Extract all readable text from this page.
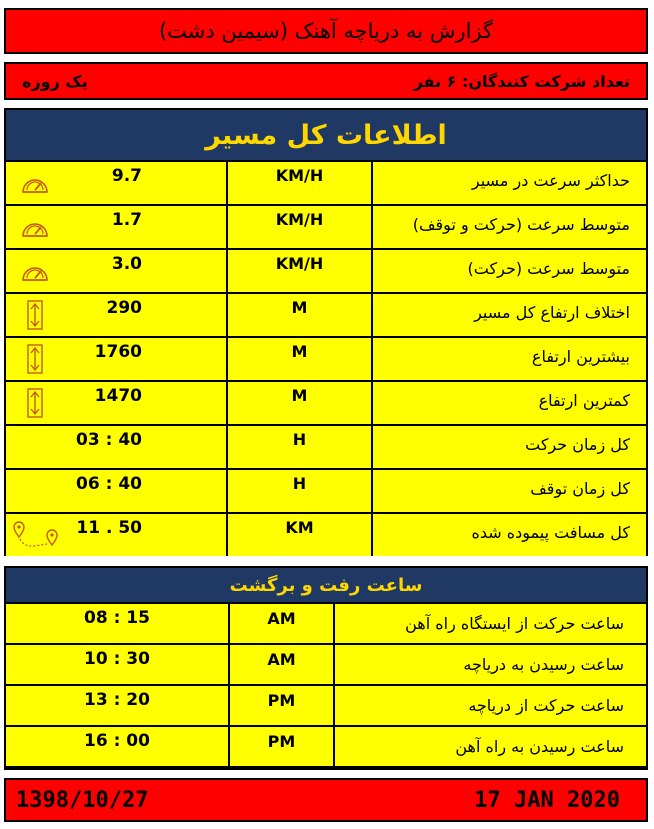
گزارش به دریاچه آهنک (سیمین دشت)
تعداد شرکت کنندگان: ۶ نفر
یک روزه
اطلاعات کل مسیر
9.7	KM/H	حداکثر سرعت در مسیر
1.7	KM/H	متوسط سرعت (حرکت و توقف)
3.0	KM/H	متوسط سرعت (حرکت)
290	M	اختلاف ارتفاع کل مسیر
1760	M	بیشترین ارتفاع
1470	M	کمترین ارتفاع
03 : 40	H	کل زمان حرکت
06 : 40	H	کل زمان توقف
11 . 50	KM	کل مسافت پیموده شده
ساعت رفت و برگشت
08 : 15	AM	ساعت حرکت از ایستگاه راه آهن
10 : 30	AM	ساعت رسیدن به دریاچه
13 : 20	PM	ساعت حرکت از دریاچه
16 : 00	PM	ساعت رسیدن به راه آهن
1398/10/27	17 JAN 2020
